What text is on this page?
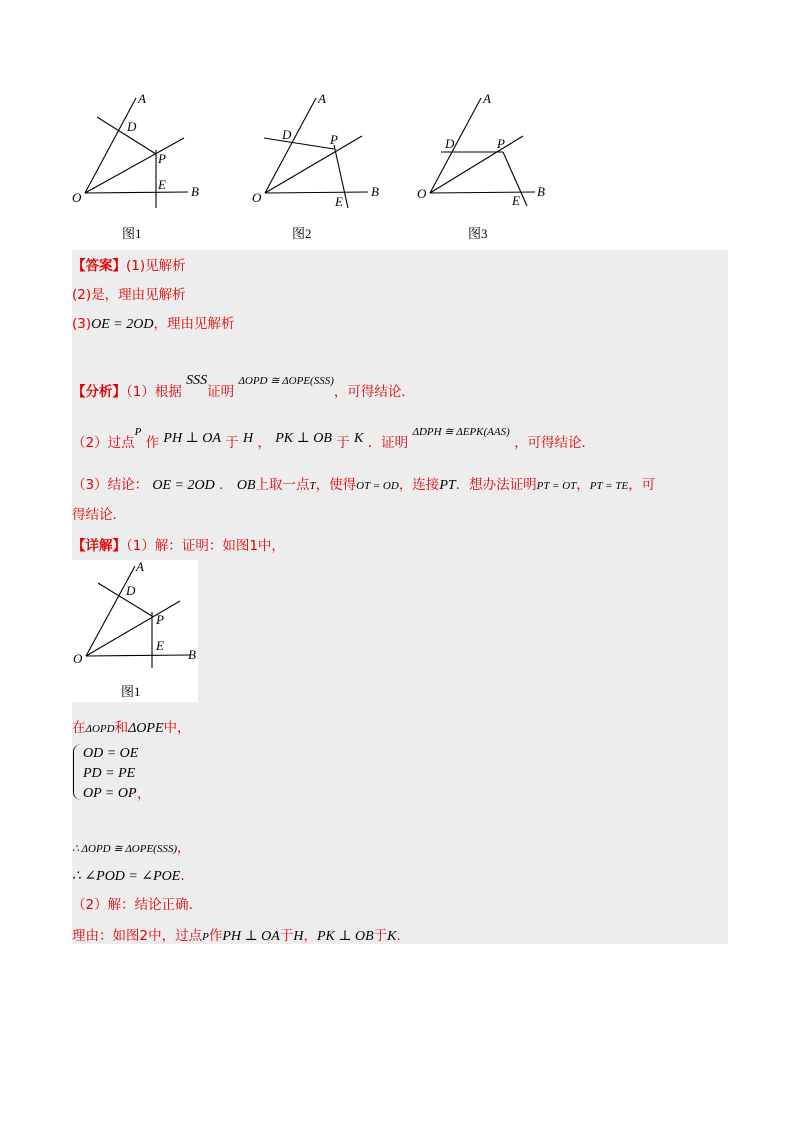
A
D
P
E B
O
图1
A
D	P
E
B
O
图2
A
D	P
E
B
O
图3
【答案】(1)见解析
(2)是，理由见解析
(3)OE = 2OD，理由见解析
【分析】（1）根据 SSS证明 $^{\Delta OPD ≅ \Delta OPE(SSS)}$，可得结论．
（2）过点$^P$ 作 PH ⊥ OA 于 H ， PK ⊥ OB 于 K ．证明 $^{\Delta DPH ≅ \Delta EPK(AAS)}$ ，可得结论．
（3）结论： OE = 2OD ． OB上取一点T，使得OT = OD，连接PT．想办法证明PT = OT，PT = TE，可
得结论．
【详解】（1）解：证明：如图1中，
A
D
P
E
B
O
图1
在ΔOPD和ΔOPE中，
OD = OE
PD = PE
OP = OP ，
∴ ΔOPD ≅ ΔOPE(SSS)，
∴ ∠POD = ∠POE．
（2）解：结论正确．
理由：如图2中，过点P作PH ⊥ OA于H，PK ⊥ OB于K．
